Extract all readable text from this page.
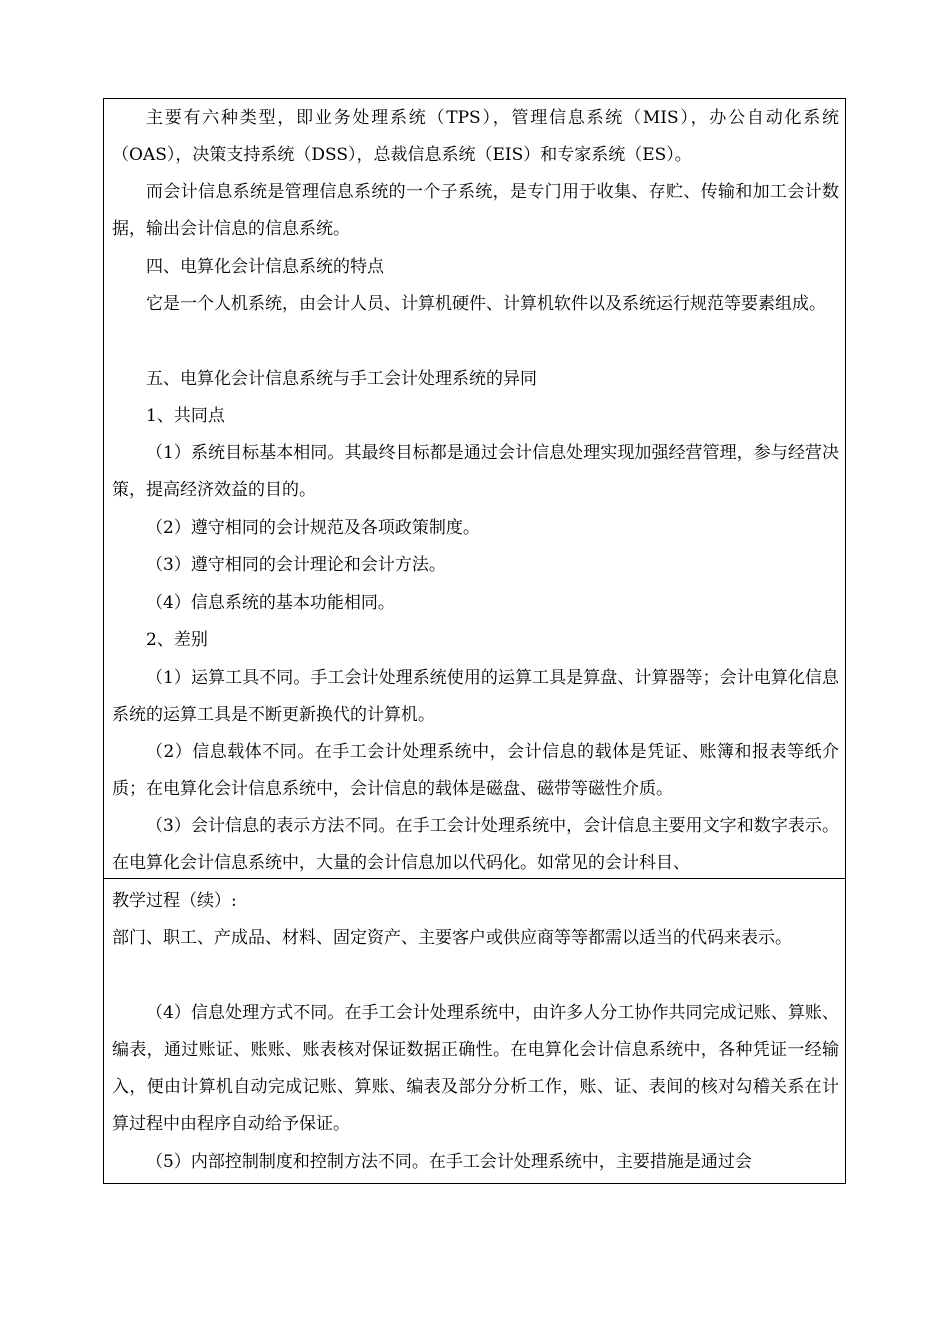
主要有六种类型，即业务处理系统（TPS），管理信息系统（MIS），办公自动化系统（OAS），决策支持系统（DSS），总裁信息系统（EIS）和专家系统（ES）。

而会计信息系统是管理信息系统的一个子系统，是专门用于收集、存贮、传输和加工会计数据，输出会计信息的信息系统。

四、电算化会计信息系统的特点

它是一个人机系统，由会计人员、计算机硬件、计算机软件以及系统运行规范等要素组成。

五、电算化会计信息系统与手工会计处理系统的异同

1、共同点

（1）系统目标基本相同。其最终目标都是通过会计信息处理实现加强经营管理，参与经营决策，提高经济效益的目的。

（2）遵守相同的会计规范及各项政策制度。

（3）遵守相同的会计理论和会计方法。

（4）信息系统的基本功能相同。

2、差别

（1）运算工具不同。手工会计处理系统使用的运算工具是算盘、计算器等；会计电算化信息系统的运算工具是不断更新换代的计算机。

（2）信息载体不同。在手工会计处理系统中，会计信息的载体是凭证、账簿和报表等纸介质；在电算化会计信息系统中，会计信息的载体是磁盘、磁带等磁性介质。

（3）会计信息的表示方法不同。在手工会计处理系统中，会计信息主要用文字和数字表示。在电算化会计信息系统中，大量的会计信息加以代码化。如常见的会计科目、

教学过程（续）:

部门、职工、产成品、材料、固定资产、主要客户或供应商等等都需以适当的代码来表示。

（4）信息处理方式不同。在手工会计处理系统中，由许多人分工协作共同完成记账、算账、编表，通过账证、账账、账表核对保证数据正确性。在电算化会计信息系统中，各种凭证一经输入，便由计算机自动完成记账、算账、编表及部分分析工作，账、证、表间的核对勾稽关系在计算过程中由程序自动给予保证。

（5）内部控制制度和控制方法不同。在手工会计处理系统中，主要措施是通过会
